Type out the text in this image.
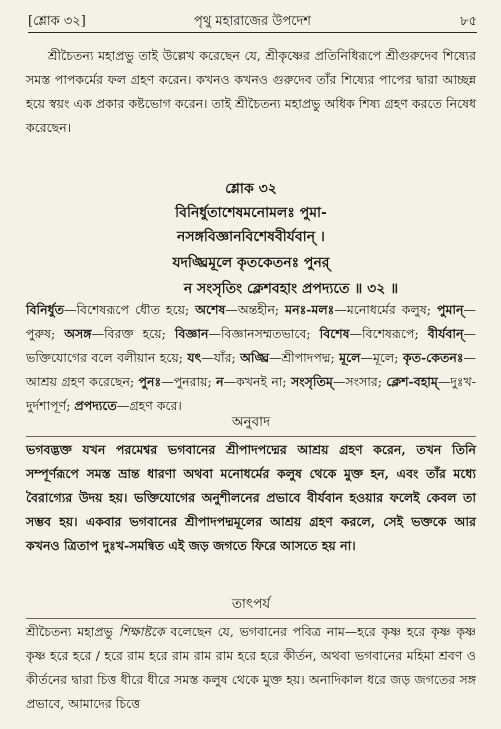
[শ্লোক ৩২]	পৃথু মহারাজের উপদেশ	৮৫
শ্রীচৈতন্য মহাপ্রভু তাই উল্লেখ করেছেন যে, শ্রীকৃষ্ণের প্রতিনিধিরূপে শ্রীগুরুদেব শিষ্যের সমস্ত পাপকর্মের ফল গ্রহণ করেন। কখনও কখনও গুরুদেব তাঁর শিষ্যের পাপের দ্বারা আচ্ছন্ন হয়ে স্বয়ং এক প্রকার কষ্টভোগ করেন। তাই শ্রীচৈতন্য মহাপ্রভু অধিক শিষ্য গ্রহণ করতে নিষেধ করেছেন।
শ্লোক ৩২
বিনির্ধুতাশেষমনোমলঃ পুমা-
নসঙ্গবিজ্ঞানবিশেষবীর্যবান্ ।
যদঙ্ঘ্রিমূলে কৃতকেতনঃ পুনর্
ন সংসৃতিং ক্লেশবহাং প্রপদ্যতে ॥ ৩২ ॥
বিনির্ধুত—বিশেষরূপে ধৌত হয়ে; অশেষ—অন্তহীন; মনঃ-মলঃ—মনোধর্মের কলুষ; পুমান্—পুরুষ; অসঙ্গ—বিরক্ত হয়ে; বিজ্ঞান—বিজ্ঞানসম্মতভাবে; বিশেষ—বিশেষরূপে; বীর্যবান্—ভক্তিযোগের বলে বলীয়ান হয়ে; যৎ—যাঁর; অঙ্ঘ্রি—শ্রীপাদপদ্ম; মূলে—মূলে; কৃত-কেতনঃ—আশ্রয় গ্রহণ করেছেন; পুনঃ—পুনরায়; ন—কখনই না; সংসৃতিম্—সংসার; ক্লেশ-বহাম্—দুঃখ-দুর্দশাপূর্ণ; প্রপদ্যতে—গ্রহণ করে।
অনুবাদ
ভগবদ্ভক্ত যখন পরমেশ্বর ভগবানের শ্রীপাদপদ্মের আশ্রয় গ্রহণ করেন, তখন তিনি সম্পূর্ণরূপে সমস্ত ভ্রান্ত ধারণা অথবা মনোধর্মের কলুষ থেকে মুক্ত হন, এবং তাঁর মধ্যে বৈরাগ্যের উদয় হয়। ভক্তিযোগের অনুশীলনের প্রভাবে বীর্যবান হওয়ার ফলেই কেবল তা সম্ভব হয়। একবার ভগবানের শ্রীপাদপদ্মমূলের আশ্রয় গ্রহণ করলে, সেই ভক্তকে আর কখনও ত্রিতাপ দুঃখ-সমন্বিত এই জড় জগতে ফিরে আসতে হয় না।
তাৎপর্য
শ্রীচৈতন্য মহাপ্রভু শিক্ষাষ্টকে বলেছেন যে, ভগবানের পবিত্র নাম—হরে কৃষ্ণ হরে কৃষ্ণ কৃষ্ণ কৃষ্ণ হরে হরে / হরে রাম হরে রাম রাম রাম হরে হরে কীর্তন, অথবা ভগবানের মহিমা শ্রবণ ও কীর্তনের দ্বারা চিত্ত ধীরে ধীরে সমস্ত কলুষ থেকে মুক্ত হয়। অনাদিকাল ধরে জড় জগতের সঙ্গ প্রভাবে, আমাদের চিত্তে
